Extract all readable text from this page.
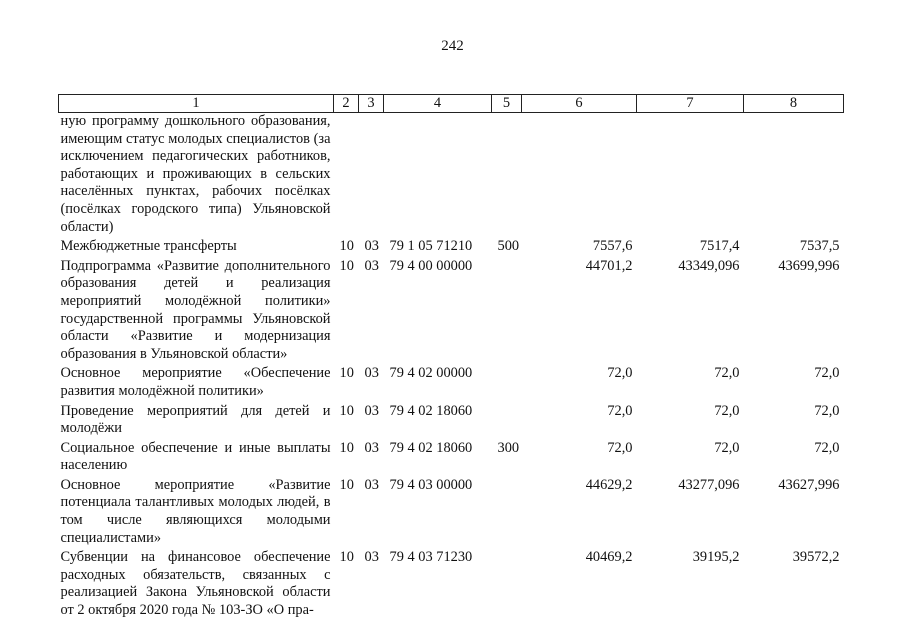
242
1	2	3	4	5	6	7	8
ную программу дошкольного образования, имеющим статус молодых специалистов (за исключением педагогических работников, работающих и проживающих в сельских населённых пунктах, рабочих посёлках (посёлках городского типа) Ульяновской области)							
Межбюджетные трансферты	10	03	79 1 05 71210	500	7557,6	7517,4	7537,5
Подпрограмма «Развитие дополнительного образования детей и реализация мероприятий молодёжной политики» государственной программы Ульяновской области «Развитие и модернизация образования в Ульяновской области»	10	03	79 4 00 00000		44701,2	43349,096	43699,996
Основное мероприятие «Обеспечение развития молодёжной политики»	10	03	79 4 02 00000		72,0	72,0	72,0
Проведение мероприятий для детей и молодёжи	10	03	79 4 02 18060		72,0	72,0	72,0
Социальное обеспечение и иные выплаты населению	10	03	79 4 02 18060	300	72,0	72,0	72,0
Основное мероприятие «Развитие потенциала талантливых молодых людей, в том числе являющихся молодыми специалистами»	10	03	79 4 03 00000		44629,2	43277,096	43627,996
Субвенции на финансовое обеспечение расходных обязательств, связанных с реализацией Закона Ульяновской области от 2 октября 2020 года № 103-ЗО «О пра-	10	03	79 4 03 71230		40469,2	39195,2	39572,2
